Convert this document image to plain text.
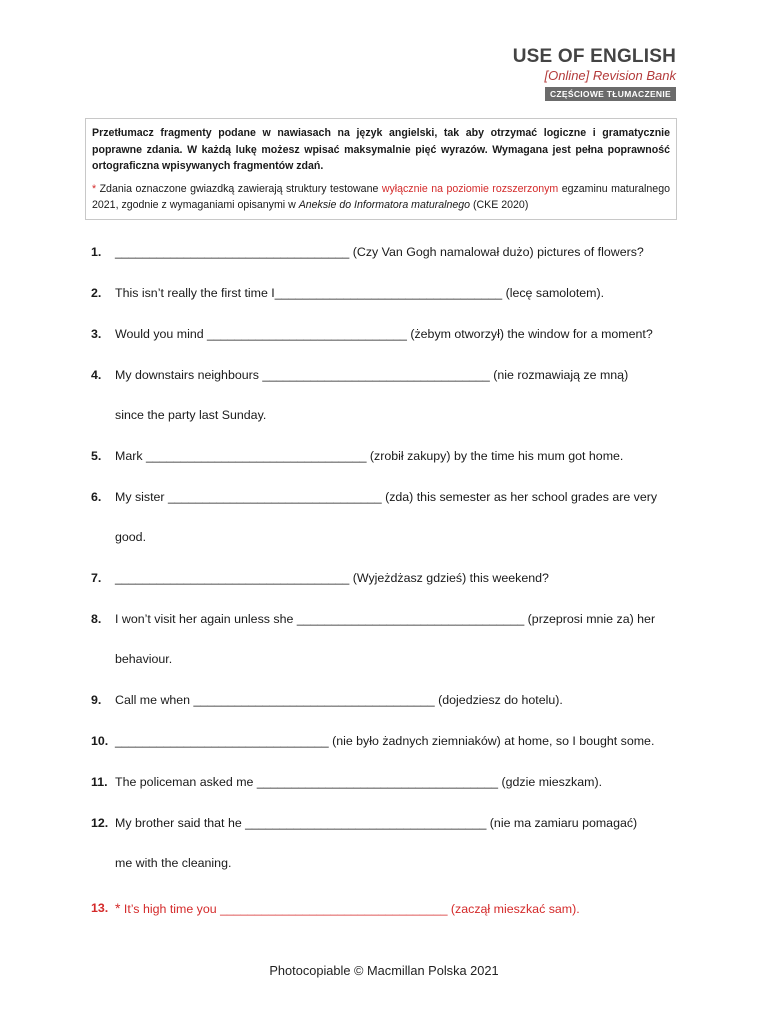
USE OF ENGLISH
[Online] Revision Bank
CZĘŚCIOWE TŁUMACZENIE
Przetłumacz fragmenty podane w nawiasach na język angielski, tak aby otrzymać logiczne i gramatycznie poprawne zdania. W każdą lukę możesz wpisać maksymalnie pięć wyrazów. Wymagana jest pełna poprawność ortograficzna wpisywanych fragmentów zdań.
* Zdania oznaczone gwiazdką zawierają struktury testowane wyłącznie na poziomie rozszerzonym egzaminu maturalnego 2021, zgodnie z wymaganiami opisanymi w Aneksie do Informatora maturalnego (CKE 2020)
1.	__________________________________ (Czy Van Gogh namalował dużo) pictures of flowers?
2.	This isn’t really the first time I_________________________________ (lecę samolotem).
3.	Would you mind _____________________________ (żebym otworzył) the window for a moment?
4.	My downstairs neighbours _________________________________ (nie rozmawiają ze mną)
since the party last Sunday.
5.	Mark ________________________________ (zrobił zakupy) by the time his mum got home.
6.	My sister _______________________________ (zda) this semester as her school grades are very
good.
7.	__________________________________ (Wyjeżdżasz gdzieś) this weekend?
8.	I won’t visit her again unless she _________________________________ (przeprosi mnie za) her
behaviour.
9.	Call me when ___________________________________ (dojedziesz do hotelu).
10. _______________________________ (nie było żadnych ziemniaków) at home, so I bought some.
11. The policeman asked me ___________________________________ (gdzie mieszkam).
12. My brother said that he ___________________________________ (nie ma zamiaru pomagać)
me with the cleaning.
13. * It’s high time you _________________________________ (zaczął mieszkać sam).
Photocopiable © Macmillan Polska 2021
